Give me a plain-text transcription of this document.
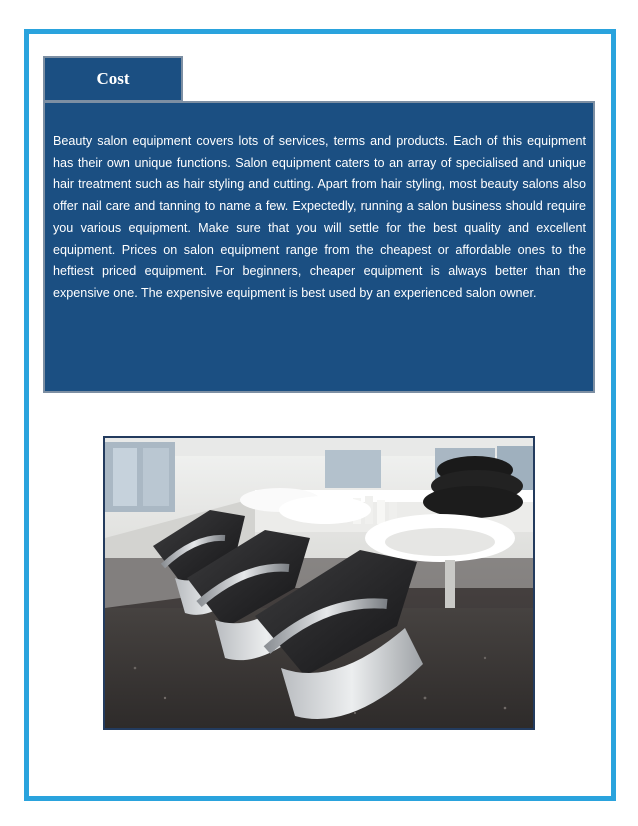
Cost

Beauty salon equipment covers lots of services, terms and products. Each of this equipment has their own unique functions. Salon equipment caters to an array of specialised and unique hair treatment such as hair styling and cutting. Apart from hair styling, most beauty salons also offer nail care and tanning to name a few. Expectedly, running a salon business should require you various equipment. Make sure that you will settle for the best quality and excellent equipment. Prices on salon equipment range from the cheapest or affordable ones to the heftiest priced equipment. For beginners, cheaper equipment is always better than the expensive one. The expensive equipment is best used by an experienced salon owner.
